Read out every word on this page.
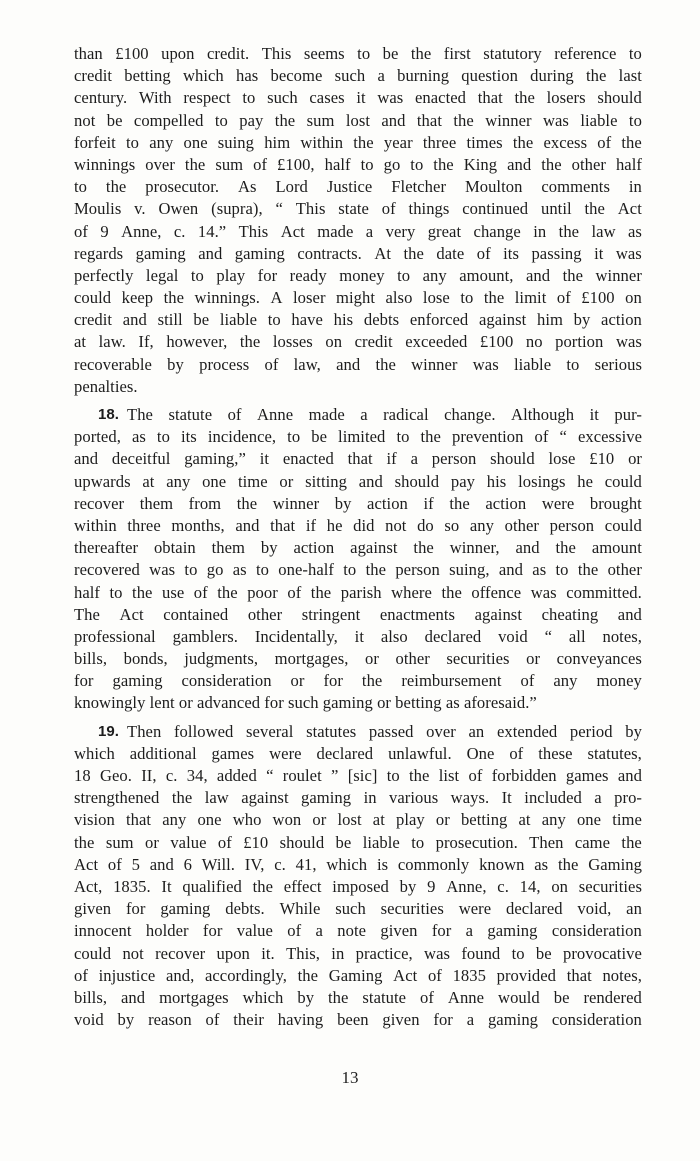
than £100 upon credit. This seems to be the first statutory reference to
credit betting which has become such a burning question during the last
century. With respect to such cases it was enacted that the losers should
not be compelled to pay the sum lost and that the winner was liable to
forfeit to any one suing him within the year three times the excess of the
winnings over the sum of £100, half to go to the King and the other half
to the prosecutor. As Lord Justice Fletcher Moulton comments in
Moulis v. Owen (supra), “ This state of things continued until the Act
of 9 Anne, c. 14.” This Act made a very great change in the law as
regards gaming and gaming contracts. At the date of its passing it was
perfectly legal to play for ready money to any amount, and the winner
could keep the winnings. A loser might also lose to the limit of £100 on
credit and still be liable to have his debts enforced against him by action
at law. If, however, the losses on credit exceeded £100 no portion was
recoverable by process of law, and the winner was liable to serious
penalties.
18. The statute of Anne made a radical change. Although it pur-
ported, as to its incidence, to be limited to the prevention of “ excessive
and deceitful gaming,” it enacted that if a person should lose £10 or
upwards at any one time or sitting and should pay his losings he could
recover them from the winner by action if the action were brought
within three months, and that if he did not do so any other person could
thereafter obtain them by action against the winner, and the amount
recovered was to go as to one-half to the person suing, and as to the other
half to the use of the poor of the parish where the offence was committed.
The Act contained other stringent enactments against cheating and
professional gamblers. Incidentally, it also declared void “ all notes,
bills, bonds, judgments, mortgages, or other securities or conveyances
for gaming consideration or for the reimbursement of any money
knowingly lent or advanced for such gaming or betting as aforesaid.”
19. Then followed several statutes passed over an extended period by
which additional games were declared unlawful. One of these statutes,
18 Geo. II, c. 34, added “ roulet ” [sic] to the list of forbidden games and
strengthened the law against gaming in various ways. It included a pro-
vision that any one who won or lost at play or betting at any one time
the sum or value of £10 should be liable to prosecution. Then came the
Act of 5 and 6 Will. IV, c. 41, which is commonly known as the Gaming
Act, 1835. It qualified the effect imposed by 9 Anne, c. 14, on securities
given for gaming debts. While such securities were declared void, an
innocent holder for value of a note given for a gaming consideration
could not recover upon it. This, in practice, was found to be provocative
of injustice and, accordingly, the Gaming Act of 1835 provided that notes,
bills, and mortgages which by the statute of Anne would be rendered
void by reason of their having been given for a gaming consideration
13
